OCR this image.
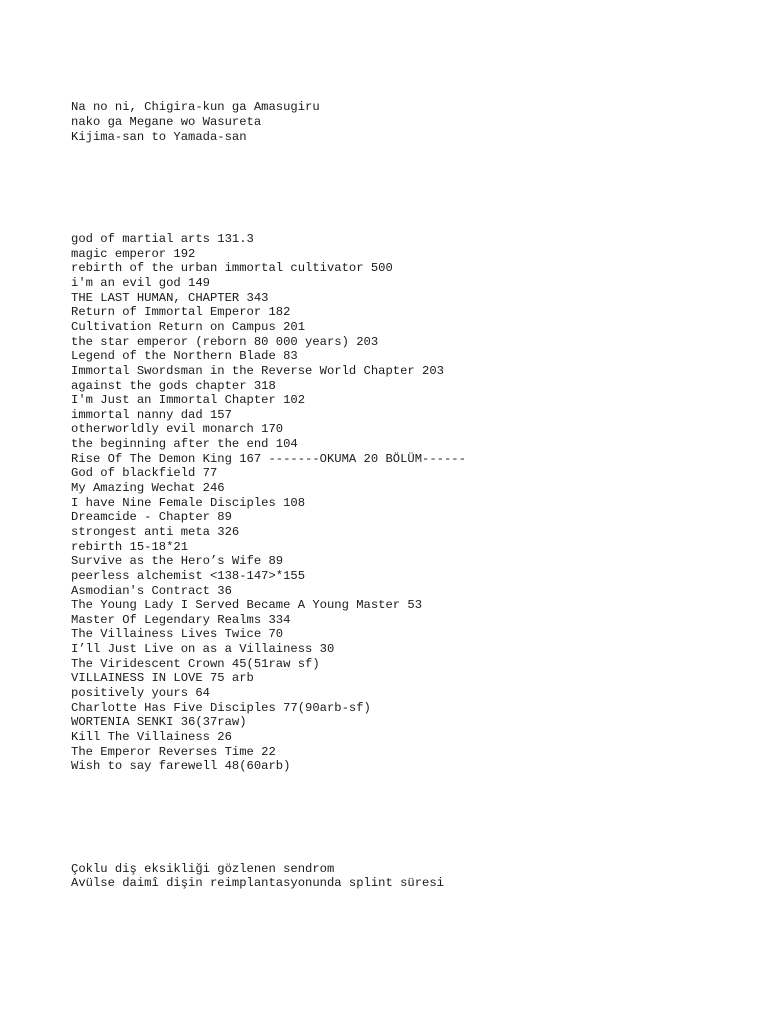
Na no ni, Chigira-kun ga Amasugiru
nako ga Megane wo Wasureta
Kijima-san to Yamada-san

god of martial arts 131.3
magic emperor 192
rebirth of the urban immortal cultivator 500
i'm an evil god 149
THE LAST HUMAN, CHAPTER 343
Return of Immortal Emperor 182
Cultivation Return on Campus 201
the star emperor (reborn 80 000 years) 203
Legend of the Northern Blade 83
Immortal Swordsman in the Reverse World Chapter 203
against the gods chapter 318
I'm Just an Immortal Chapter 102
immortal nanny dad 157
otherworldly evil monarch 170
the beginning after the end 104
Rise Of The Demon King 167 -------OKUMA 20 BÖLÜM------
God of blackfield 77
My Amazing Wechat 246
I have Nine Female Disciples 108
Dreamcide - Chapter 89
strongest anti meta 326
rebirth 15-18*21
Survive as the Hero’s Wife 89
peerless alchemist <138-147>*155
Asmodian's Contract 36
The Young Lady I Served Became A Young Master 53
Master Of Legendary Realms 334
The Villainess Lives Twice 70
I’ll Just Live on as a Villainess 30
The Viridescent Crown 45(51raw sf)
VILLAINESS IN LOVE 75 arb
positively yours 64
Charlotte Has Five Disciples 77(90arb-sf)
WORTENIA SENKI 36(37raw)
Kill The Villainess 26
The Emperor Reverses Time 22
Wish to say farewell 48(60arb)

Çoklu diş eksikliği gözlenen sendrom
Avülse daimî dişin reimplantasyonunda splint süresi
